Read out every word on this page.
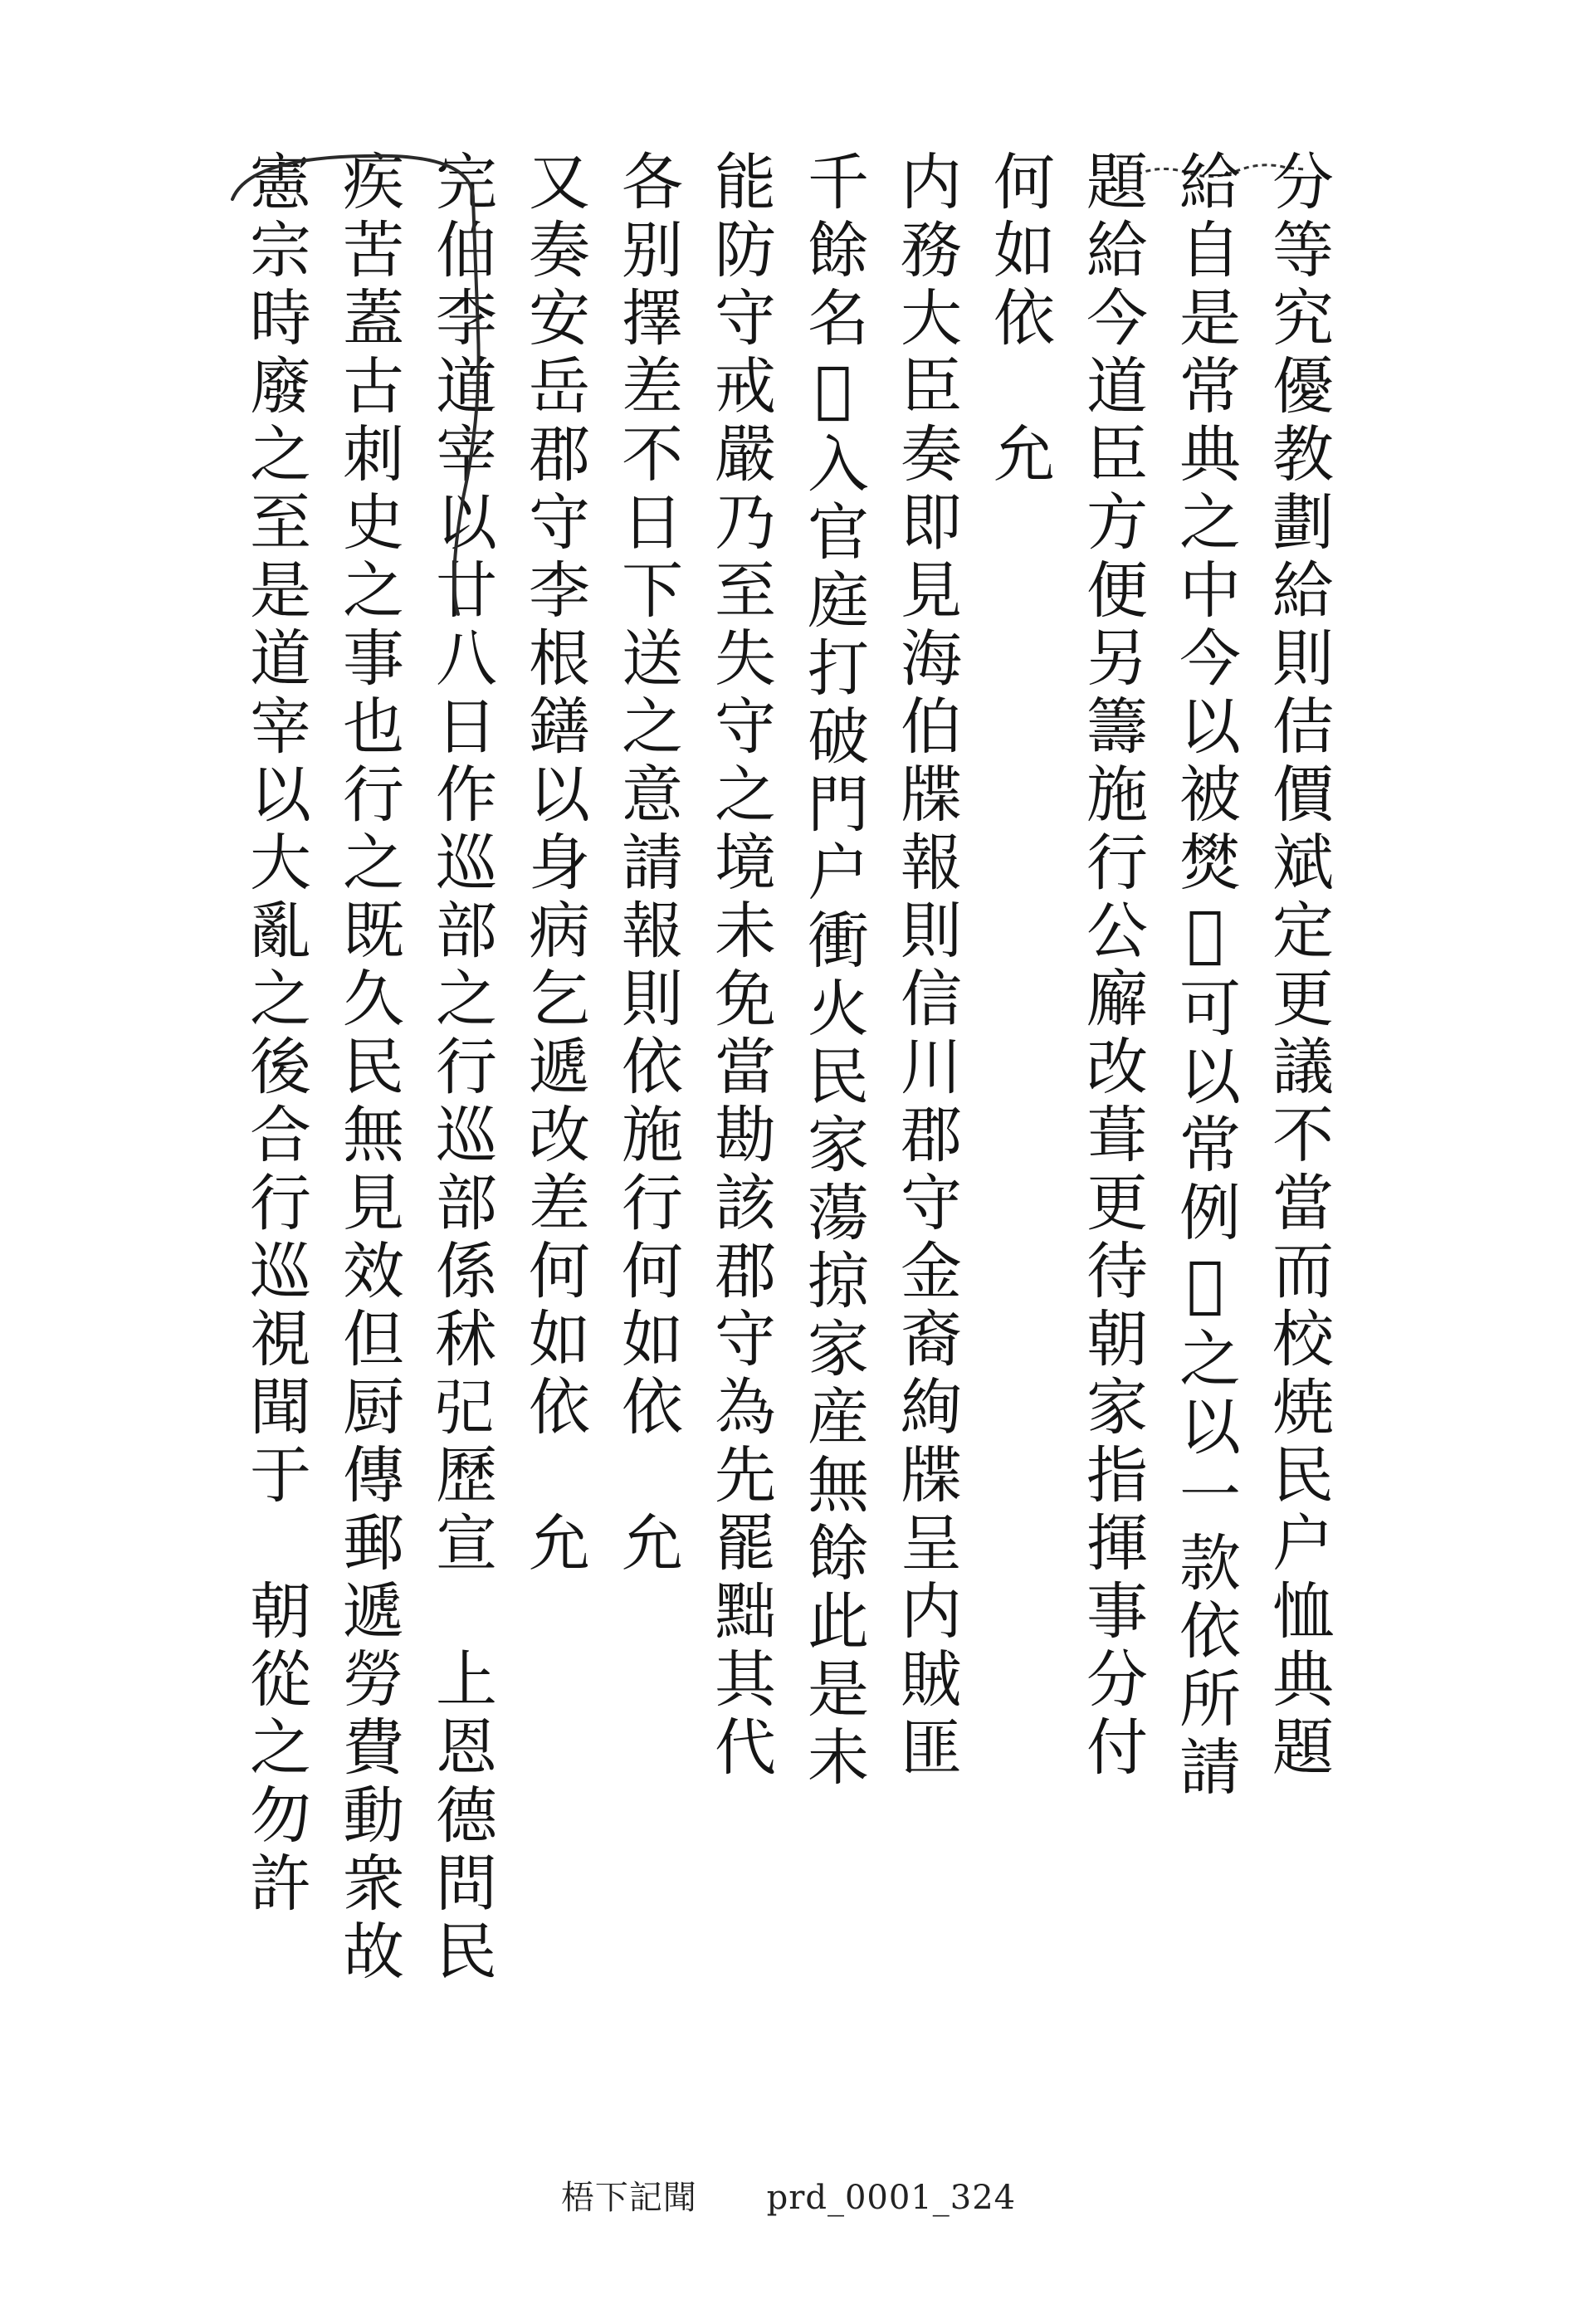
分等究優教劃給則佶價斌定更議不當而校焼民户恤典題
給自是常典之中今以被燓𠯁可以常例𠯁之以一款依所請
題給今道臣方便另籌施行公廨改葺更待朝家指揮事分付
何如依　允
内務大臣奏即見海伯牒報則信川郡守金裔絢牒呈内賊匪
千餘名𨴽入官庭打破門户衝火民家蕩掠家産無餘此是未
能防守戒嚴乃至失守之境未免當勘該郡守為先罷黜其代
各别擇差不日下送之意請報則依施行何如依　允
又奏安岳郡守李根鐥以身病乞遞改差何如依　允
完伯李道宰以廿八日作巡部之行巡部係秫𢀶歷宣　上恩德問民
疾苦蓋古刺史之事也行之既久民無見效但厨傳郵遞勞費動衆故
憲宗時廢之至是道宰以大亂之後合行巡視聞于　朝從之勿許
梧下記聞 prd_0001_324
